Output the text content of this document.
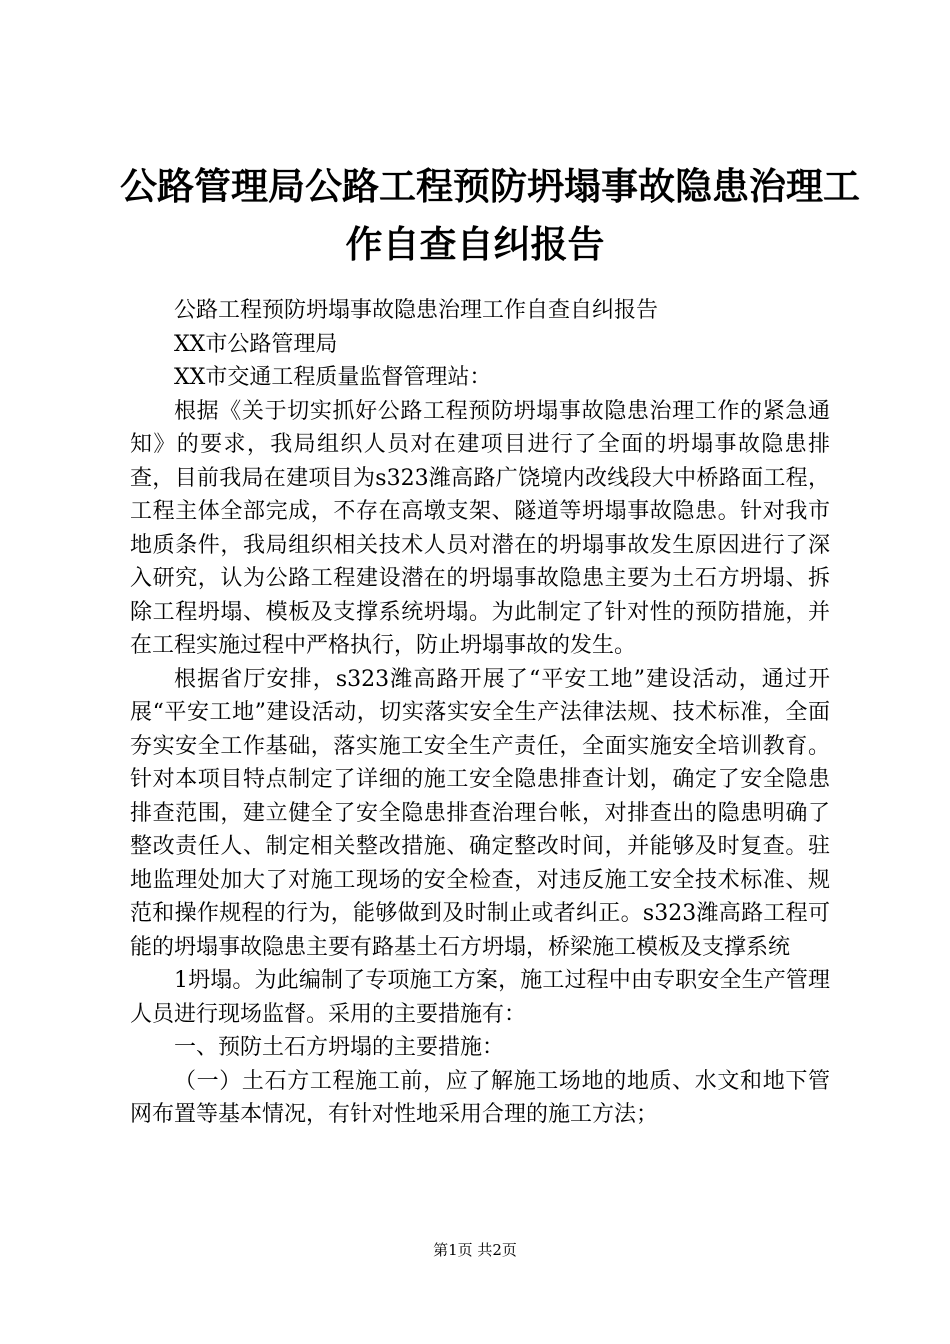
公路管理局公路工程预防坍塌事故隐患治理工
作自查自纠报告

公路工程预防坍塌事故隐患治理工作自查自纠报告

XX市公路管理局

XX市交通工程质量监督管理站：

根据《关于切实抓好公路工程预防坍塌事故隐患治理工作的紧急通知》的要求，我局组织人员对在建项目进行了全面的坍塌事故隐患排查，目前我局在建项目为s323潍高路广饶境内改线段大中桥路面工程，工程主体全部完成，不存在高墩支架、隧道等坍塌事故隐患。针对我市地质条件，我局组织相关技术人员对潜在的坍塌事故发生原因进行了深入研究，认为公路工程建设潜在的坍塌事故隐患主要为土石方坍塌、拆除工程坍塌、模板及支撑系统坍塌。为此制定了针对性的预防措施，并在工程实施过程中严格执行，防止坍塌事故的发生。

根据省厅安排，s323潍高路开展了“平安工地”建设活动，通过开展“平安工地”建设活动，切实落实安全生产法律法规、技术标准，全面夯实安全工作基础，落实施工安全生产责任，全面实施安全培训教育。针对本项目特点制定了详细的施工安全隐患排查计划，确定了安全隐患排查范围，建立健全了安全隐患排查治理台帐，对排查出的隐患明确了整改责任人、制定相关整改措施、确定整改时间，并能够及时复查。驻地监理处加大了对施工现场的安全检查，对违反施工安全技术标准、规范和操作规程的行为，能够做到及时制止或者纠正。s323潍高路工程可能的坍塌事故隐患主要有路基土石方坍塌，桥梁施工模板及支撑系统

1坍塌。为此编制了专项施工方案，施工过程中由专职安全生产管理人员进行现场监督。采用的主要措施有：

一、预防土石方坍塌的主要措施：

（一）土石方工程施工前，应了解施工场地的地质、水文和地下管网布置等基本情况，有针对性地采用合理的施工方法；

第1页 共2页
